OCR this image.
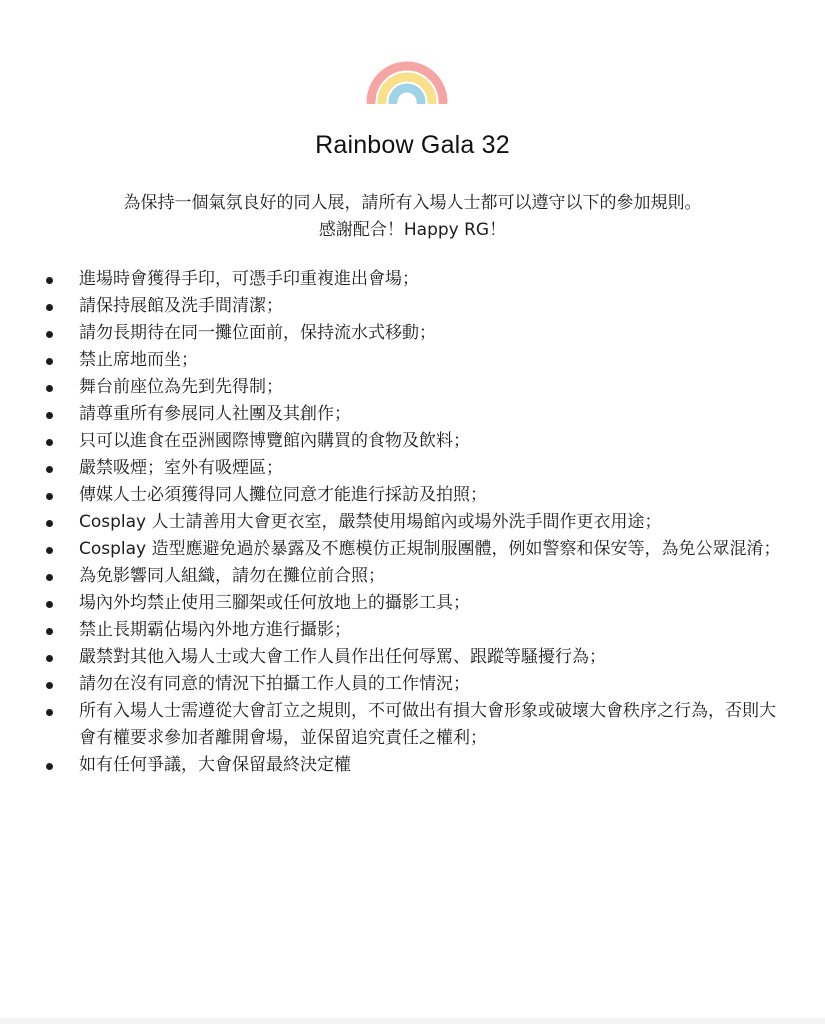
Rainbow Gala 32
為保持一個氣氛良好的同人展，請所有入場人士都可以遵守以下的參加規則。
感謝配合！Happy RG！
進場時會獲得手印，可憑手印重複進出會場；
請保持展館及洗手間清潔；
請勿長期待在同一攤位面前，保持流水式移動；
禁止席地而坐；
舞台前座位為先到先得制；
請尊重所有參展同人社團及其創作；
只可以進食在亞洲國際博覽館內購買的食物及飲料；
嚴禁吸煙；室外有吸煙區；
傳媒人士必須獲得同人攤位同意才能進行採訪及拍照；
Cosplay 人士請善用大會更衣室，嚴禁使用場館內或場外洗手間作更衣用途；
Cosplay 造型應避免過於暴露及不應模仿正規制服團體，例如警察和保安等，為免公眾混淆；
為免影響同人組織，請勿在攤位前合照；
場內外均禁止使用三腳架或任何放地上的攝影工具；
禁止長期霸佔場內外地方進行攝影；
嚴禁對其他入場人士或大會工作人員作出任何辱罵、跟蹤等騷擾行為；
請勿在沒有同意的情況下拍攝工作人員的工作情況；
所有入場人士需遵從大會訂立之規則，不可做出有損大會形象或破壞大會秩序之行為，否則大 會有權要求參加者離開會場，並保留追究責任之權利；
如有任何爭議，大會保留最終決定權
